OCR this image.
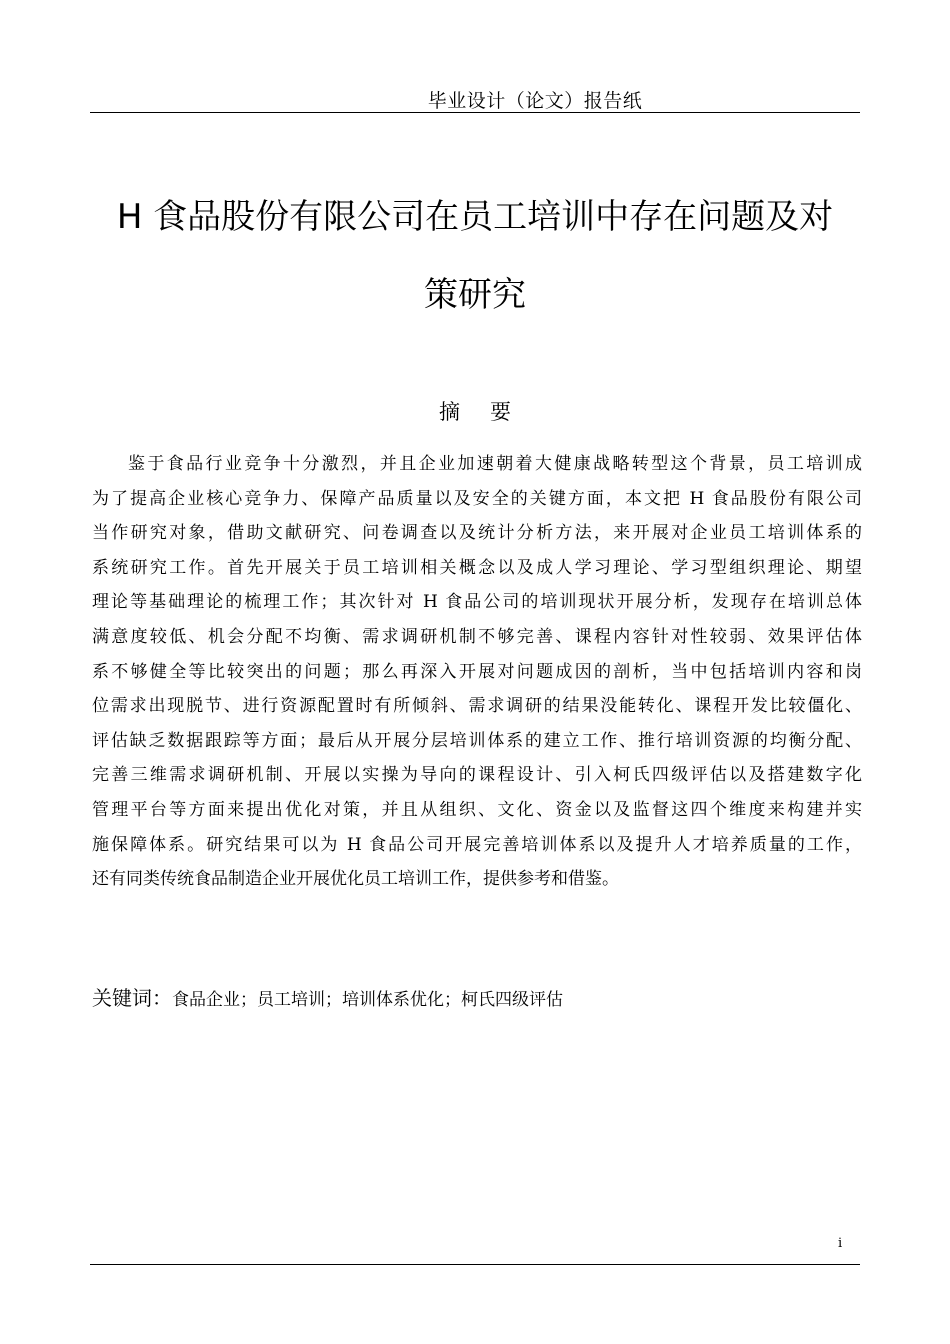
毕业设计（论文）报告纸
H 食品股份有限公司在员工培训中存在问题及对
策研究
摘要
鉴于食品行业竞争十分激烈，并且企业加速朝着大健康战略转型这个背景，员工培训成
为了提高企业核心竞争力、保障产品质量以及安全的关键方面，本文把 H 食品股份有限公司
当作研究对象，借助文献研究、问卷调查以及统计分析方法，来开展对企业员工培训体系的
系统研究工作。首先开展关于员工培训相关概念以及成人学习理论、学习型组织理论、期望
理论等基础理论的梳理工作；其次针对 H 食品公司的培训现状开展分析，发现存在培训总体
满意度较低、机会分配不均衡、需求调研机制不够完善、课程内容针对性较弱、效果评估体
系不够健全等比较突出的问题；那么再深入开展对问题成因的剖析，当中包括培训内容和岗
位需求出现脱节、进行资源配置时有所倾斜、需求调研的结果没能转化、课程开发比较僵化、
评估缺乏数据跟踪等方面；最后从开展分层培训体系的建立工作、推行培训资源的均衡分配、
完善三维需求调研机制、开展以实操为导向的课程设计、引入柯氏四级评估以及搭建数字化
管理平台等方面来提出优化对策，并且从组织、文化、资金以及监督这四个维度来构建并实
施保障体系。研究结果可以为 H 食品公司开展完善培训体系以及提升人才培养质量的工作，
还有同类传统食品制造企业开展优化员工培训工作，提供参考和借鉴。
关键词：食品企业；员工培训；培训体系优化；柯氏四级评估
i
